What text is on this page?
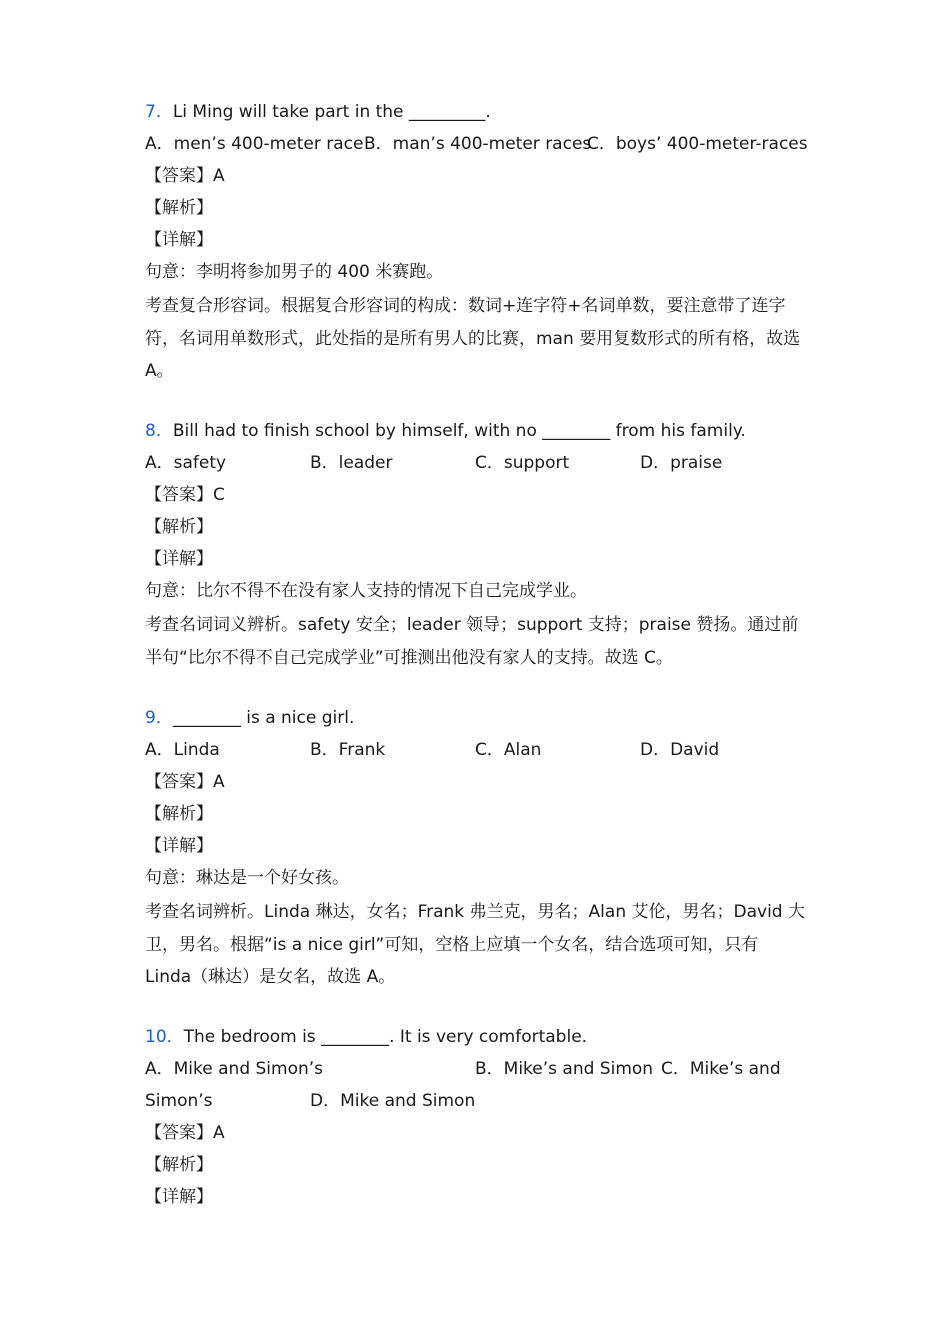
7．Li Ming will take part in the _________.
A．men’s 400-meter race B．man’s 400-meter races
C．boys’ 400-meter-races
【答案】A
【解析】
【详解】
句意：李明将参加男子的 400 米赛跑。
考查复合形容词。根据复合形容词的构成：数词+连字符+名词单数，要注意带了连字符，名词用单数形式，此处指的是所有男人的比赛，man 要用复数形式的所有格，故选 A。
8．Bill had to finish school by himself, with no ________ from his family.
A．safety	B．leader	C．support	D．praise
【答案】C
【解析】
【详解】
句意：比尔不得不在没有家人支持的情况下自己完成学业。
考查名词词义辨析。safety 安全；leader 领导；support 支持；praise 赞扬。通过前半句“比尔不得不自己完成学业”可推测出他没有家人的支持。故选 C。
9．________ is a nice girl.
A．Linda	B．Frank	C．Alan	D．David
【答案】A
【解析】
【详解】
句意：琳达是一个好女孩。
考查名词辨析。Linda 琳达，女名；Frank 弗兰克，男名；Alan 艾伦，男名；David 大卫，男名。根据“is a nice girl”可知，空格上应填一个女名，结合选项可知，只有 Linda（琳达）是女名，故选 A。
10．The bedroom is ________. It is very comfortable.
A．Mike and Simon’s	B．Mike’s and Simon C．Mike’s and
Simon’s	D．Mike and Simon
【答案】A
【解析】
【详解】
